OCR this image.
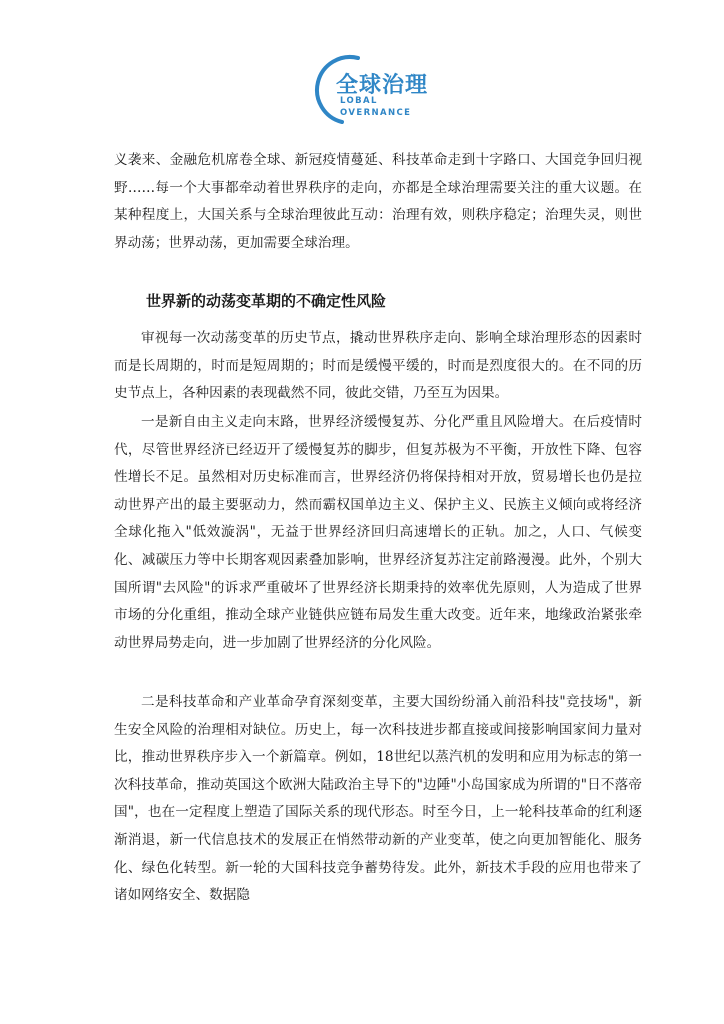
全球治理
LOBAL
OVERNANCE

义袭来、金融危机席卷全球、新冠疫情蔓延、科技革命走到十字路口、大国竞争回归视野……每一个大事都牵动着世界秩序的走向，亦都是全球治理需要关注的重大议题。在某种程度上，大国关系与全球治理彼此互动：治理有效，则秩序稳定；治理失灵，则世界动荡；世界动荡，更加需要全球治理。

世界新的动荡变革期的不确定性风险

审视每一次动荡变革的历史节点，撬动世界秩序走向、影响全球治理形态的因素时而是长周期的，时而是短周期的；时而是缓慢平缓的，时而是烈度很大的。在不同的历史节点上，各种因素的表现截然不同，彼此交错，乃至互为因果。

一是新自由主义走向末路，世界经济缓慢复苏、分化严重且风险增大。在后疫情时代，尽管世界经济已经迈开了缓慢复苏的脚步，但复苏极为不平衡，开放性下降、包容性增长不足。虽然相对历史标准而言，世界经济仍将保持相对开放，贸易增长也仍是拉动世界产出的最主要驱动力，然而霸权国单边主义、保护主义、民族主义倾向或将经济全球化拖入"低效漩涡"，无益于世界经济回归高速增长的正轨。加之，人口、气候变化、减碳压力等中长期客观因素叠加影响，世界经济复苏注定前路漫漫。此外，个别大国所谓"去风险"的诉求严重破坏了世界经济长期秉持的效率优先原则，人为造成了世界市场的分化重组，推动全球产业链供应链布局发生重大改变。近年来，地缘政治紧张牵动世界局势走向，进一步加剧了世界经济的分化风险。

二是科技革命和产业革命孕育深刻变革，主要大国纷纷涌入前沿科技"竞技场"，新生安全风险的治理相对缺位。历史上，每一次科技进步都直接或间接影响国家间力量对比，推动世界秩序步入一个新篇章。例如，18世纪以蒸汽机的发明和应用为标志的第一次科技革命，推动英国这个欧洲大陆政治主导下的"边陲"小岛国家成为所谓的"日不落帝国"，也在一定程度上塑造了国际关系的现代形态。时至今日，上一轮科技革命的红利逐渐消退，新一代信息技术的发展正在悄然带动新的产业变革，使之向更加智能化、服务化、绿色化转型。新一轮的大国科技竞争蓄势待发。此外，新技术手段的应用也带来了诸如网络安全、数据隐
